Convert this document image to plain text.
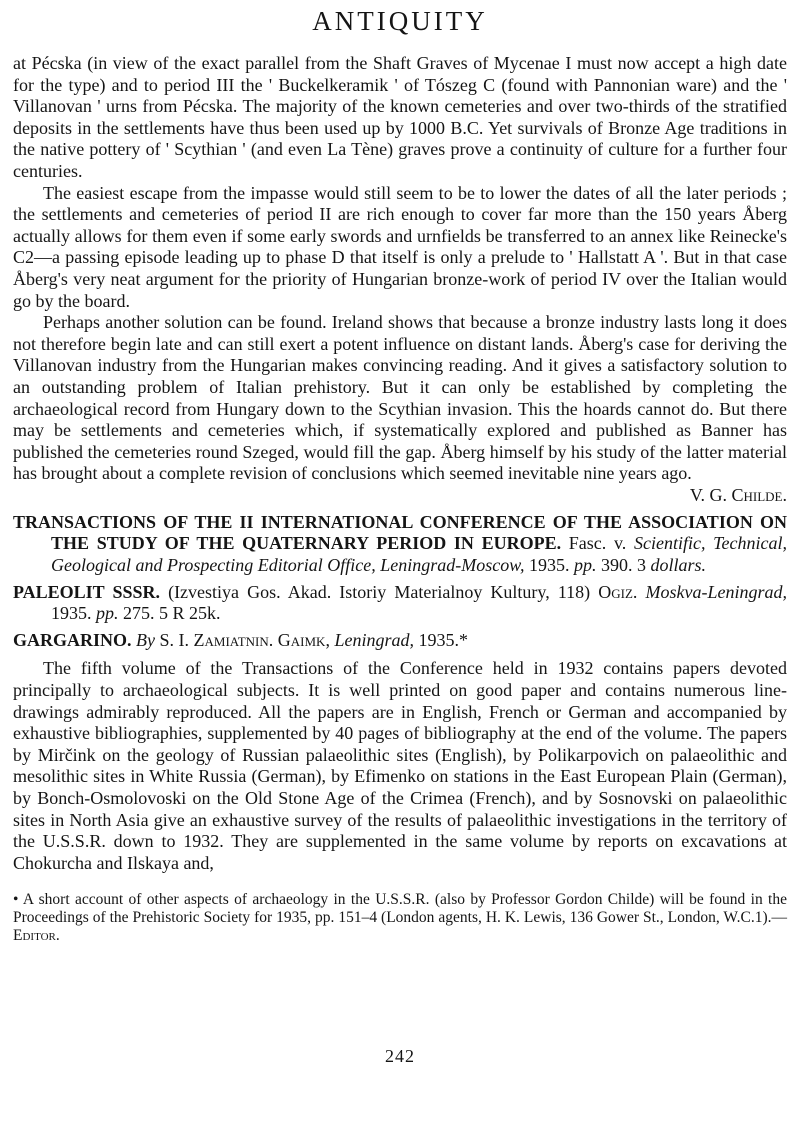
ANTIQUITY

at Pécska (in view of the exact parallel from the Shaft Graves of Mycenae I must now accept a high date for the type) and to period III the ' Buckelkeramik ' of Tószeg C (found with Pannonian ware) and the ' Villanovan ' urns from Pécska. The majority of the known cemeteries and over two-thirds of the stratified deposits in the settlements have thus been used up by 1000 B.C. Yet survivals of Bronze Age traditions in the native pottery of ' Scythian ' (and even La Tène) graves prove a continuity of culture for a further four centuries.

The easiest escape from the impasse would still seem to be to lower the dates of all the later periods ; the settlements and cemeteries of period II are rich enough to cover far more than the 150 years Åberg actually allows for them even if some early swords and urnfields be transferred to an annex like Reinecke's C2—a passing episode leading up to phase D that itself is only a prelude to ' Hallstatt A '. But in that case Åberg's very neat argument for the priority of Hungarian bronze-work of period IV over the Italian would go by the board.

Perhaps another solution can be found. Ireland shows that because a bronze industry lasts long it does not therefore begin late and can still exert a potent influence on distant lands. Åberg's case for deriving the Villanovan industry from the Hungarian makes convincing reading. And it gives a satisfactory solution to an outstanding problem of Italian prehistory. But it can only be established by completing the archaeological record from Hungary down to the Scythian invasion. This the hoards cannot do. But there may be settlements and cemeteries which, if systematically explored and published as Banner has published the cemeteries round Szeged, would fill the gap. Åberg himself by his study of the latter material has brought about a complete revision of conclusions which seemed inevitable nine years ago.
V. G. Childe.

TRANSACTIONS OF THE II INTERNATIONAL CONFERENCE OF THE ASSOCIATION ON THE STUDY OF THE QUATERNARY PERIOD IN EUROPE. Fasc. v. Scientific, Technical, Geological and Prospecting Editorial Office, Leningrad-Moscow, 1935. pp. 390. 3 dollars.

PALEOLIT SSSR. (Izvestiya Gos. Akad. Istoriy Materialnoy Kultury, 118) Ogiz. Moskva-Leningrad, 1935. pp. 275. 5 R 25k.

GARGARINO. By S. I. Zamiatnin. Gaimk, Leningrad, 1935.*

The fifth volume of the Transactions of the Conference held in 1932 contains papers devoted principally to archaeological subjects. It is well printed on good paper and contains numerous line-drawings admirably reproduced. All the papers are in English, French or German and accompanied by exhaustive bibliographies, supplemented by 40 pages of bibliography at the end of the volume. The papers by Mirčink on the geology of Russian palaeolithic sites (English), by Polikarpovich on palaeolithic and mesolithic sites in White Russia (German), by Efimenko on stations in the East European Plain (German), by Bonch-Osmolovoski on the Old Stone Age of the Crimea (French), and by Sosnovski on palaeolithic sites in North Asia give an exhaustive survey of the results of palaeolithic investigations in the territory of the U.S.S.R. down to 1932. They are supplemented in the same volume by reports on excavations at Chokurcha and Ilskaya and,

• A short account of other aspects of archaeology in the U.S.S.R. (also by Professor Gordon Childe) will be found in the Proceedings of the Prehistoric Society for 1935, pp. 151–4 (London agents, H. K. Lewis, 136 Gower St., London, W.C.1).—Editor.

242
